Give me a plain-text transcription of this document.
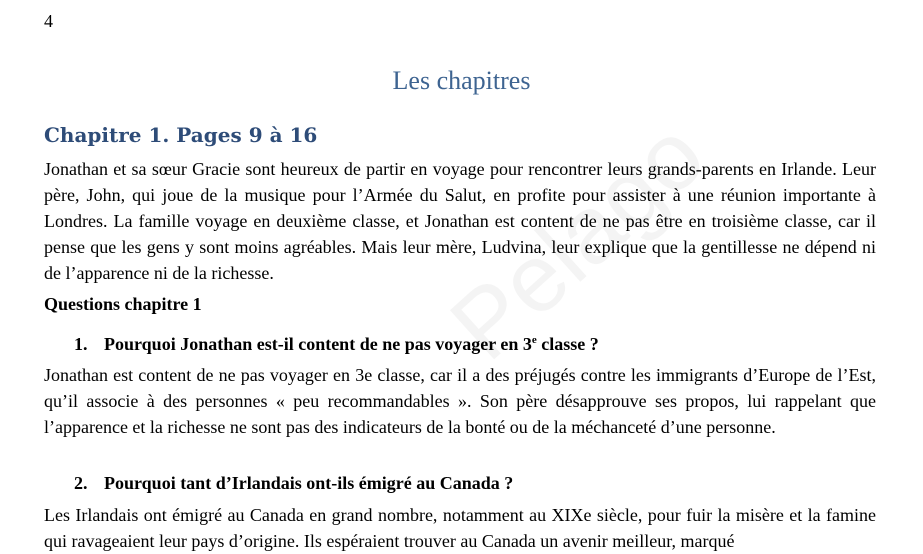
4
Les chapitres
Chapitre 1. Pages 9 à 16

Jonathan et sa sœur Gracie sont heureux de partir en voyage pour rencontrer leurs grands-parents en Irlande. Leur père, John, qui joue de la musique pour l’Armée du Salut, en profite pour assister à une réunion importante à Londres. La famille voyage en deuxième classe, et Jonathan est content de ne pas être en troisième classe, car il pense que les gens y sont moins agréables. Mais leur mère, Ludvina, leur explique que la gentillesse ne dépend ni de l’apparence ni de la richesse.

Questions chapitre 1

1. Pourquoi Jonathan est-il content de ne pas voyager en 3e classe ?

Jonathan est content de ne pas voyager en 3e classe, car il a des préjugés contre les immigrants d’Europe de l’Est, qu’il associe à des personnes « peu recommandables ». Son père désapprouve ses propos, lui rappelant que l’apparence et la richesse ne sont pas des indicateurs de la bonté ou de la méchanceté d’une personne.

2. Pourquoi tant d’Irlandais ont-ils émigré au Canada ?

Les Irlandais ont émigré au Canada en grand nombre, notamment au XIXe siècle, pour fuir la misère et la famine qui ravageaient leur pays d’origine. Ils espéraient trouver au Canada un avenir meilleur, marqué
